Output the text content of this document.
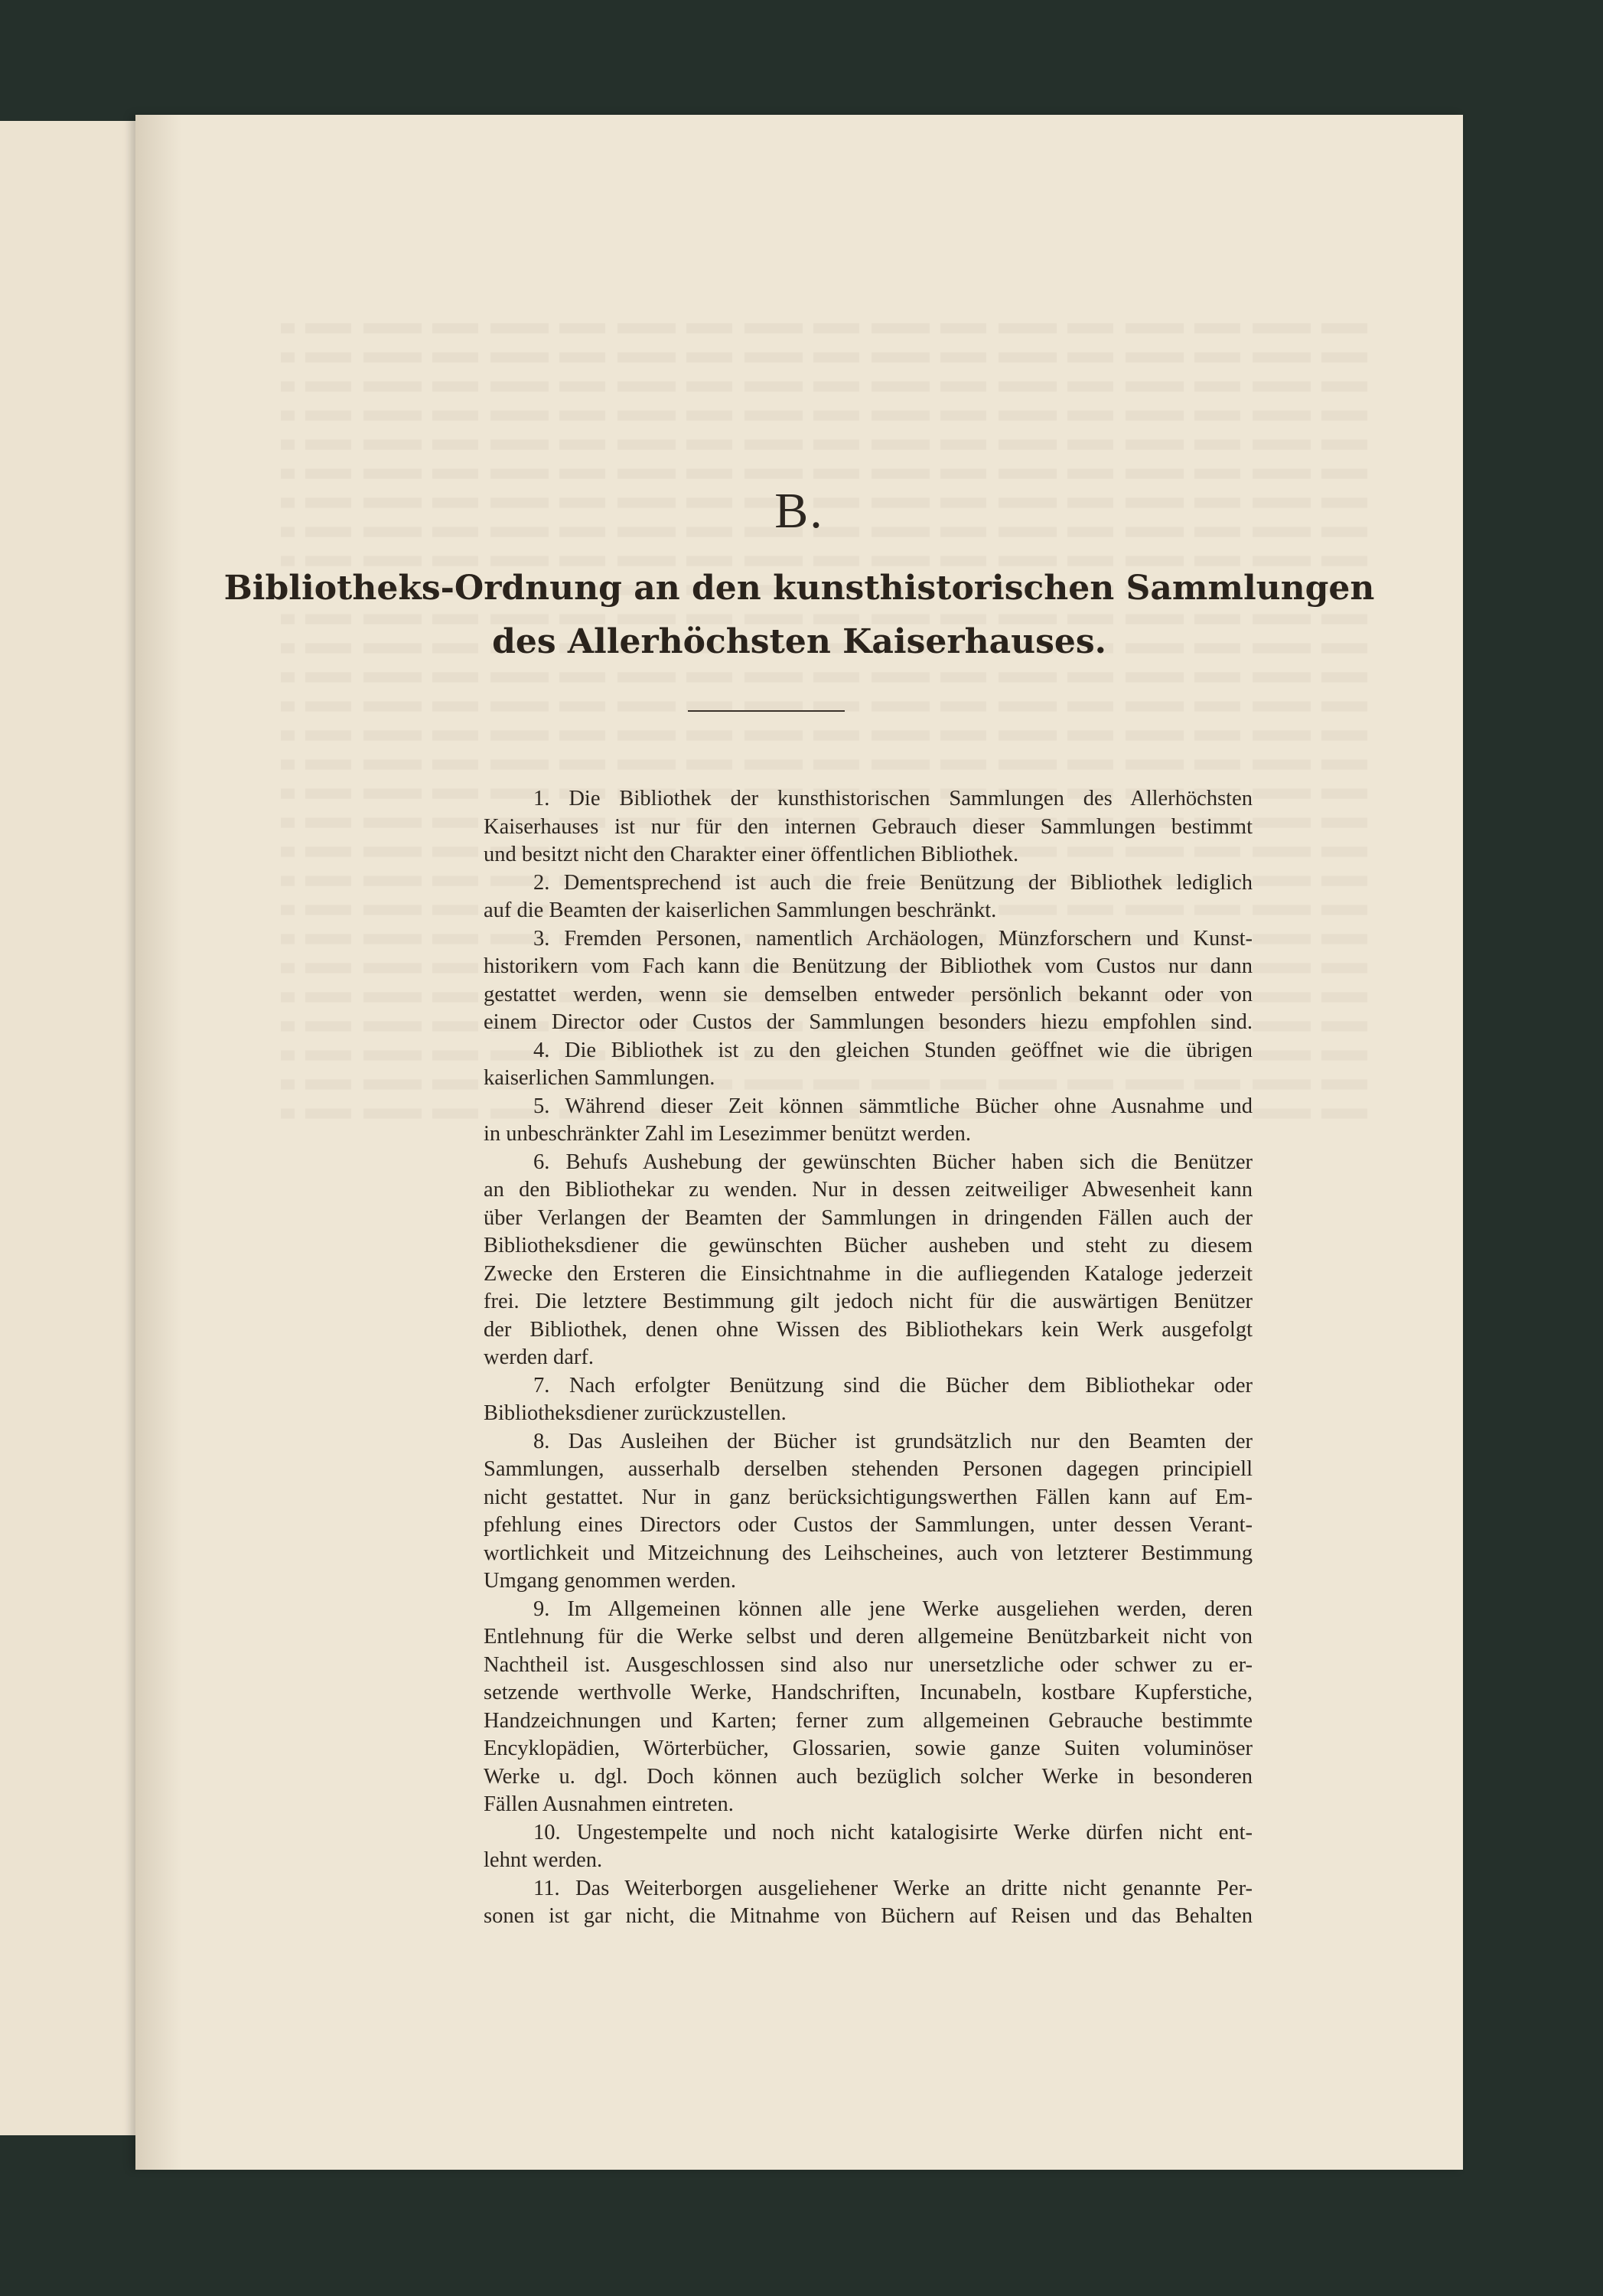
B.
Bibliotheks-Ordnung an den kunsthistorischen Sammlungen
des Allerhöchsten Kaiserhauses.
1. Die Bibliothek der kunsthistorischen Sammlungen des Allerhöchsten
Kaiserhauses ist nur für den internen Gebrauch dieser Sammlungen bestimmt
und besitzt nicht den Charakter einer öffentlichen Bibliothek.
2. Dementsprechend ist auch die freie Benützung der Bibliothek lediglich
auf die Beamten der kaiserlichen Sammlungen beschränkt.
3. Fremden Personen, namentlich Archäologen, Münzforschern und Kunst-
historikern vom Fach kann die Benützung der Bibliothek vom Custos nur dann
gestattet werden, wenn sie demselben entweder persönlich bekannt oder von
einem Director oder Custos der Sammlungen besonders hiezu empfohlen sind.
4. Die Bibliothek ist zu den gleichen Stunden geöffnet wie die übrigen
kaiserlichen Sammlungen.
5. Während dieser Zeit können sämmtliche Bücher ohne Ausnahme und
in unbeschränkter Zahl im Lesezimmer benützt werden.
6. Behufs Aushebung der gewünschten Bücher haben sich die Benützer
an den Bibliothekar zu wenden. Nur in dessen zeitweiliger Abwesenheit kann
über Verlangen der Beamten der Sammlungen in dringenden Fällen auch der
Bibliotheksdiener die gewünschten Bücher ausheben und steht zu diesem
Zwecke den Ersteren die Einsichtnahme in die aufliegenden Kataloge jederzeit
frei. Die letztere Bestimmung gilt jedoch nicht für die auswärtigen Benützer
der Bibliothek, denen ohne Wissen des Bibliothekars kein Werk ausgefolgt
werden darf.
7. Nach erfolgter Benützung sind die Bücher dem Bibliothekar oder
Bibliotheksdiener zurückzustellen.
8. Das Ausleihen der Bücher ist grundsätzlich nur den Beamten der
Sammlungen, ausserhalb derselben stehenden Personen dagegen principiell
nicht gestattet. Nur in ganz berücksichtigungswerthen Fällen kann auf Em-
pfehlung eines Directors oder Custos der Sammlungen, unter dessen Verant-
wortlichkeit und Mitzeichnung des Leihscheines, auch von letzterer Bestimmung
Umgang genommen werden.
9. Im Allgemeinen können alle jene Werke ausgeliehen werden, deren
Entlehnung für die Werke selbst und deren allgemeine Benützbarkeit nicht von
Nachtheil ist. Ausgeschlossen sind also nur unersetzliche oder schwer zu er-
setzende werthvolle Werke, Handschriften, Incunabeln, kostbare Kupferstiche,
Handzeichnungen und Karten; ferner zum allgemeinen Gebrauche bestimmte
Encyklopädien, Wörterbücher, Glossarien, sowie ganze Suiten voluminöser
Werke u. dgl. Doch können auch bezüglich solcher Werke in besonderen
Fällen Ausnahmen eintreten.
10. Ungestempelte und noch nicht katalogisirte Werke dürfen nicht ent-
lehnt werden.
11. Das Weiterborgen ausgeliehener Werke an dritte nicht genannte Per-
sonen ist gar nicht, die Mitnahme von Büchern auf Reisen und das Behalten
